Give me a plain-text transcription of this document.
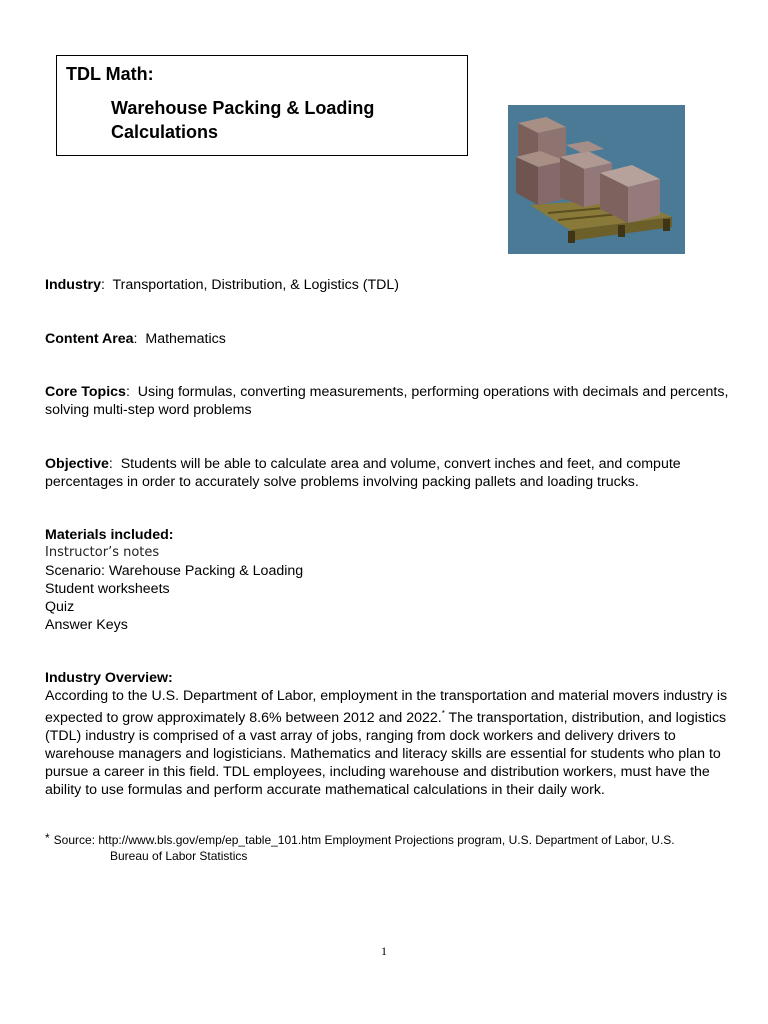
TDL Math:
Warehouse Packing & Loading
Calculations

Industry:  Transportation, Distribution, & Logistics (TDL)

Content Area:  Mathematics

Core Topics:  Using formulas, converting measurements, performing operations with decimals and percents, solving multi-step word problems

Objective:  Students will be able to calculate area and volume, convert inches and feet, and compute percentages in order to accurately solve problems involving packing pallets and loading trucks.

Materials included:
Instructor’s notes
Scenario: Warehouse Packing & Loading
Student worksheets
Quiz
Answer Keys
Industry Overview:
According to the U.S. Department of Labor, employment in the transportation and material movers industry is expected to grow approximately 8.6% between 2012 and 2022.* The transportation, distribution, and logistics (TDL) industry is comprised of a vast array of jobs, ranging from dock workers and delivery drivers to warehouse managers and logisticians. Mathematics and literacy skills are essential for students who plan to pursue a career in this field. TDL employees, including warehouse and distribution workers, must have the ability to use formulas and perform accurate mathematical calculations in their daily work.
* Source: http://www.bls.gov/emp/ep_table_101.htm Employment Projections program, U.S. Department of Labor, U.S.
Bureau of Labor Statistics
1
